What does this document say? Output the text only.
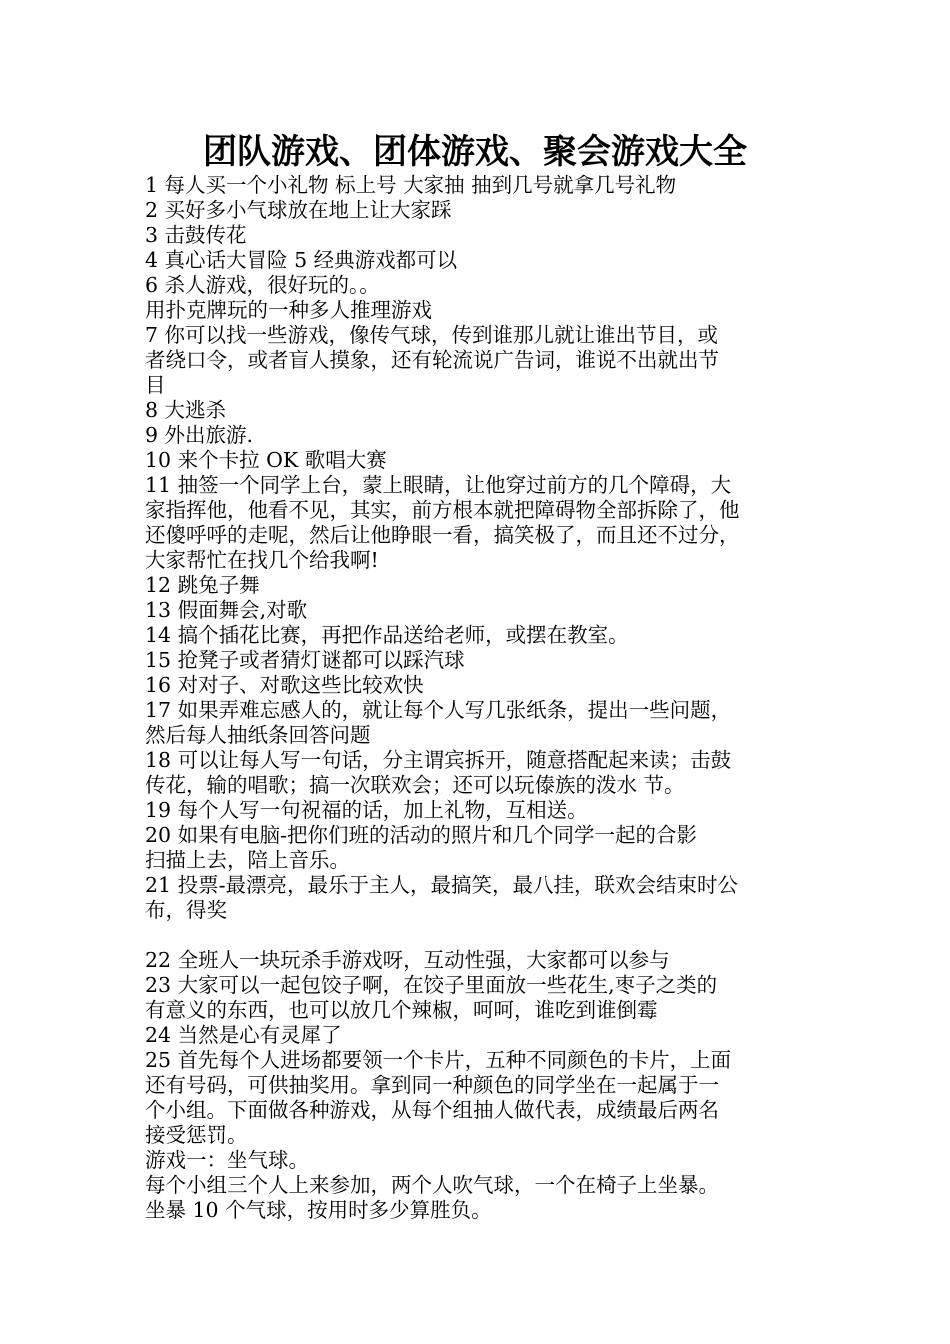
团队游戏、团体游戏、聚会游戏大全

1 每人买一个小礼物 标上号 大家抽 抽到几号就拿几号礼物

2 买好多小气球放在地上让大家踩

3 击鼓传花

4 真心话大冒险 5 经典游戏都可以

6 杀人游戏，很好玩的。。

用扑克牌玩的一种多人推理游戏

7 你可以找一些游戏，像传气球，传到谁那儿就让谁出节目，或

者绕口令，或者盲人摸象，还有轮流说广告词，谁说不出就出节

目

8 大逃杀

9 外出旅游.

10 来个卡拉 OK 歌唱大赛

11 抽签一个同学上台，蒙上眼睛，让他穿过前方的几个障碍，大

家指挥他，他看不见，其实，前方根本就把障碍物全部拆除了，他

还傻呼呼的走呢，然后让他睁眼一看，搞笑极了，而且还不过分，

大家帮忙在找几个给我啊!

12 跳兔子舞

13 假面舞会,对歌

14 搞个插花比赛，再把作品送给老师，或摆在教室。

15 抢凳子或者猜灯谜都可以踩汽球

16 对对子、对歌这些比较欢快

17 如果弄难忘感人的，就让每个人写几张纸条，提出一些问题，

然后每人抽纸条回答问题

18 可以让每人写一句话，分主谓宾拆开，随意搭配起来读；击鼓

传花，输的唱歌；搞一次联欢会；还可以玩傣族的泼水 节。

19 每个人写一句祝福的话，加上礼物，互相送。

20 如果有电脑-把你们班的活动的照片和几个同学一起的合影

扫描上去，陪上音乐。

21 投票-最漂亮，最乐于主人，最搞笑，最八挂，联欢会结束时公

布，得奖

22 全班人一块玩杀手游戏呀，互动性强，大家都可以参与

23 大家可以一起包饺子啊，在饺子里面放一些花生,枣子之类的

有意义的东西，也可以放几个辣椒，呵呵，谁吃到谁倒霉

24 当然是心有灵犀了

25 首先每个人进场都要领一个卡片，五种不同颜色的卡片，上面

还有号码，可供抽奖用。拿到同一种颜色的同学坐在一起属于一

个小组。下面做各种游戏，从每个组抽人做代表，成绩最后两名

接受惩罚。

游戏一：坐气球。

每个小组三个人上来参加，两个人吹气球，一个在椅子上坐暴。

坐暴 10 个气球，按用时多少算胜负。
